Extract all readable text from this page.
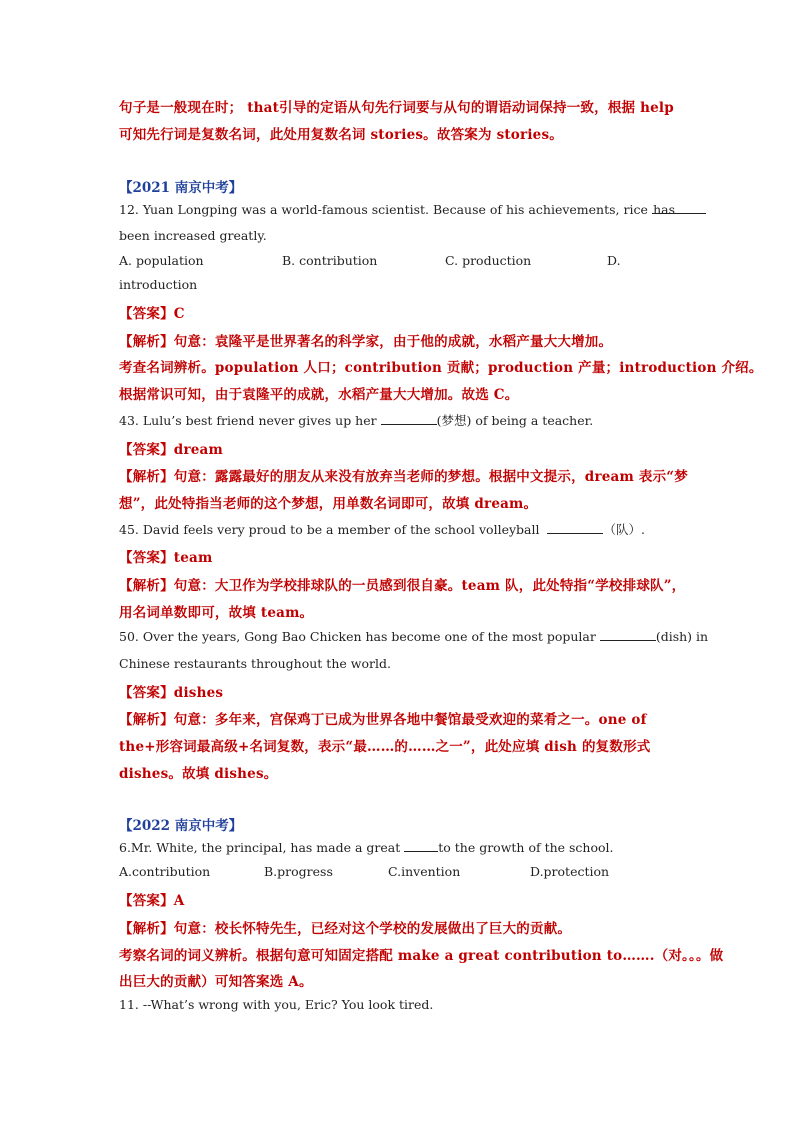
句子是一般现在时； that引导的定语从句先行词要与从句的谓语动词保持一致，根据 help
可知先行词是复数名词，此处用复数名词 stories。故答案为 stories。
【2021 南京中考】
12. Yuan Longping was a world-famous scientist. Because of his achievements, rice has
been increased greatly.
A. population	B. contribution	C. production	D.
introduction
【答案】C
【解析】句意：袁隆平是世界著名的科学家，由于他的成就，水稻产量大大增加。
考查名词辨析。population 人口；contribution 贡献；production 产量；introduction 介绍。
根据常识可知，由于袁隆平的成就，水稻产量大大增加。故选 C。
43. Lulu’s best friend never gives up her	(梦想) of being a teacher.
【答案】dream
【解析】句意：露露最好的朋友从来没有放弃当老师的梦想。根据中文提示，dream 表示“梦
想”，此处特指当老师的这个梦想，用单数名词即可，故填 dream。
45. David feels very proud to be a member of the school volleyball	（队）.
【答案】team
【解析】句意：大卫作为学校排球队的一员感到很自豪。team 队，此处特指“学校排球队”，
用名词单数即可，故填 team。
50. Over the years, Gong Bao Chicken has become one of the most popular	(dish) in
Chinese restaurants throughout the world.
【答案】dishes
【解析】句意：多年来，宫保鸡丁已成为世界各地中餐馆最受欢迎的菜肴之一。one of
the+形容词最高级+名词复数，表示“最……的……之一”，此处应填 dish 的复数形式
dishes。故填 dishes。
【2022 南京中考】
6.Mr. White, the principal, has made a great	to the growth of the school.
A.contribution	B.progress	C.invention	D.protection
【答案】A
【解析】句意：校长怀特先生，已经对这个学校的发展做出了巨大的贡献。
考察名词的词义辨析。根据句意可知固定搭配 make a great contribution to…….（对。。。做
出巨大的贡献）可知答案选 A。
11. --What’s wrong with you, Eric? You look tired.
